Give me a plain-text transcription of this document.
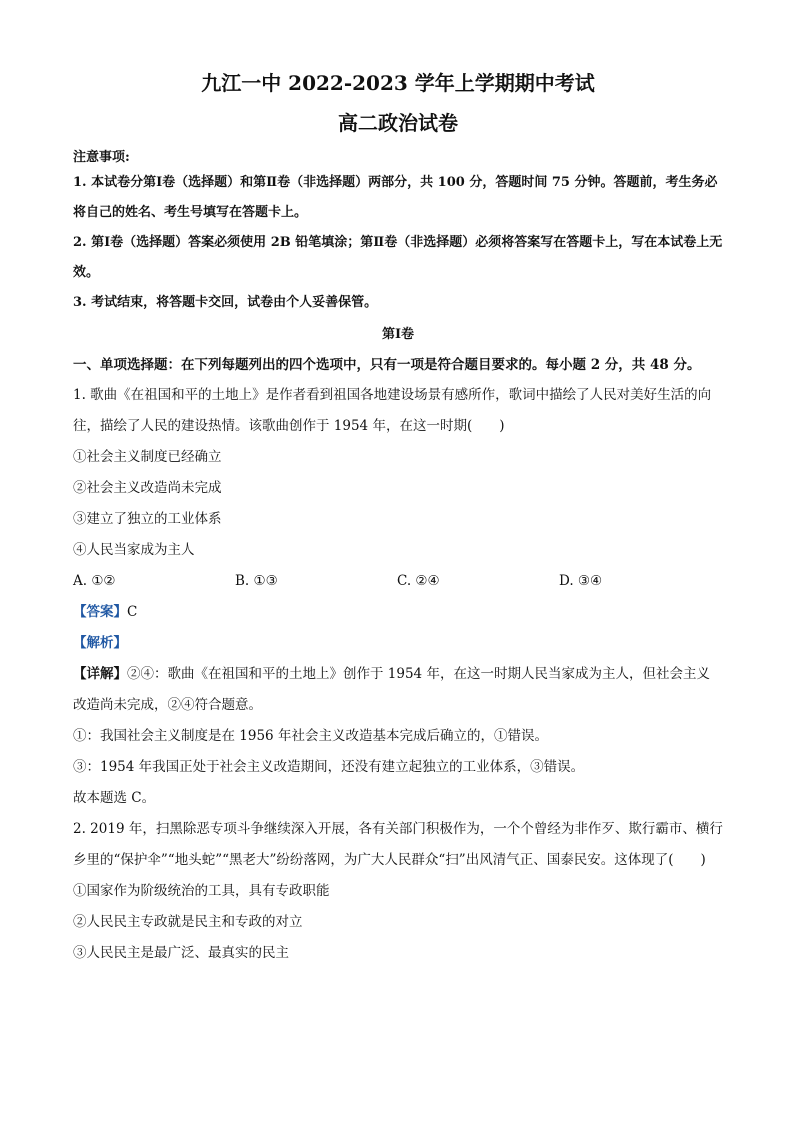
九江一中 2022-2023 学年上学期期中考试
高二政治试卷
注意事项:
1. 本试卷分第Ⅰ卷（选择题）和第Ⅱ卷（非选择题）两部分，共 100 分，答题时间 75 分钟。答题前，考生务必将自己的姓名、考生号填写在答题卡上。
2. 第Ⅰ卷（选择题）答案必须使用 2B 铅笔填涂；第Ⅱ卷（非选择题）必须将答案写在答题卡上，写在本试卷上无效。
3. 考试结束，将答题卡交回，试卷由个人妥善保管。
第Ⅰ卷
一、单项选择题：在下列每题列出的四个选项中，只有一项是符合题目要求的。每小题 2 分，共 48 分。
1. 歌曲《在祖国和平的土地上》是作者看到祖国各地建设场景有感所作，歌词中描绘了人民对美好生活的向往，描绘了人民的建设热情。该歌曲创作于 1954 年，在这一时期(　　)
①社会主义制度已经确立
②社会主义改造尚未完成
③建立了独立的工业体系
④人民当家成为主人
A. ①②	B. ①③	C. ②④	D. ③④
【答案】C
【解析】
【详解】②④：歌曲《在祖国和平的土地上》创作于 1954 年，在这一时期人民当家成为主人，但社会主义改造尚未完成，②④符合题意。
①：我国社会主义制度是在 1956 年社会主义改造基本完成后确立的，①错误。
③：1954 年我国正处于社会主义改造期间，还没有建立起独立的工业体系，③错误。
故本题选 C。
2. 2019 年，扫黑除恶专项斗争继续深入开展，各有关部门积极作为，一个个曾经为非作歹、欺行霸市、横行乡里的“保护伞”“地头蛇”“黑老大”纷纷落网，为广大人民群众“扫”出风清气正、国泰民安。这体现了(　　)
①国家作为阶级统治的工具，具有专政职能
②人民民主专政就是民主和专政的对立
③人民民主是最广泛、最真实的民主
